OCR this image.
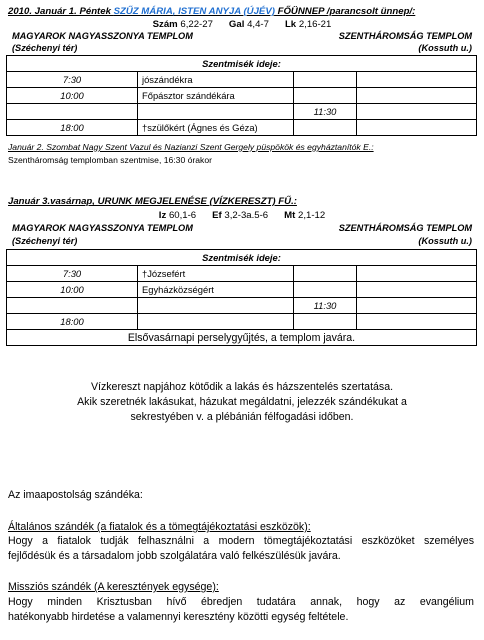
2010. Január 1. Péntek SZŰZ MÁRIA, ISTEN ANYJA (ÚJÉV) FŐÜNNEP /parancsolt ünnep/:
Szám 6,22-27 Gal 4,4-7 Lk 2,16-21
MAGYAROK NAGYASSZONYA TEMPLOM	SZENTHÁROMSÁG TEMPLOM
(Széchenyi tér)	(Kossuth u.)
Szentmisék ideje:			
7:30	jószándékra		
10:00	Főpásztor szándékára		
		11:30	
18:00	†szülőkért (Ágnes és Géza)		
Január 2. Szombat Nagy Szent Vazul és Nazianzi Szent Gergely püspökök és egyháztanítók E.:
Szentháromság templomban szentmise, 16:30 órakor
Január 3.vasárnap, URUNK MEGJELENÉSE (VÍZKERESZT) FŰ.:
Iz 60,1-6 Ef 3,2-3a.5-6 Mt 2,1-12
MAGYAROK NAGYASSZONYA TEMPLOM	SZENTHÁROMSÁG TEMPLOM
(Széchenyi tér)	(Kossuth u.)
Szentmisék ideje:			
7:30	†Józsefért		
10:00	Egyházközségért		
		11:30	
18:00			
Elsővasárnapi perselygyűjtés, a templom javára.			
Vízkereszt napjához kötődik a lakás és házszentelés szertatása.
Akik szeretnék lakásukat, házukat megáldatni, jelezzék szándékukat a
sekrestyében v. a plébánián félfogadási időben.
Az imaapostolság szándéka:
Általános szándék (a fiatalok és a tömegtájékoztatási eszközök):
Hogy a fiatalok tudják felhasználni a modern tömegtájékoztatási eszközöket személyes
fejlődésük és a társadalom jobb szolgálatára való felkészülésük javára.
Missziós szándék (A keresztények egysége):
Hogy minden Krisztusban hívő ébredjen tudatára annak, hogy az evangélium
hatékonyabb hirdetése a valamennyi keresztény közötti egység feltétele.
